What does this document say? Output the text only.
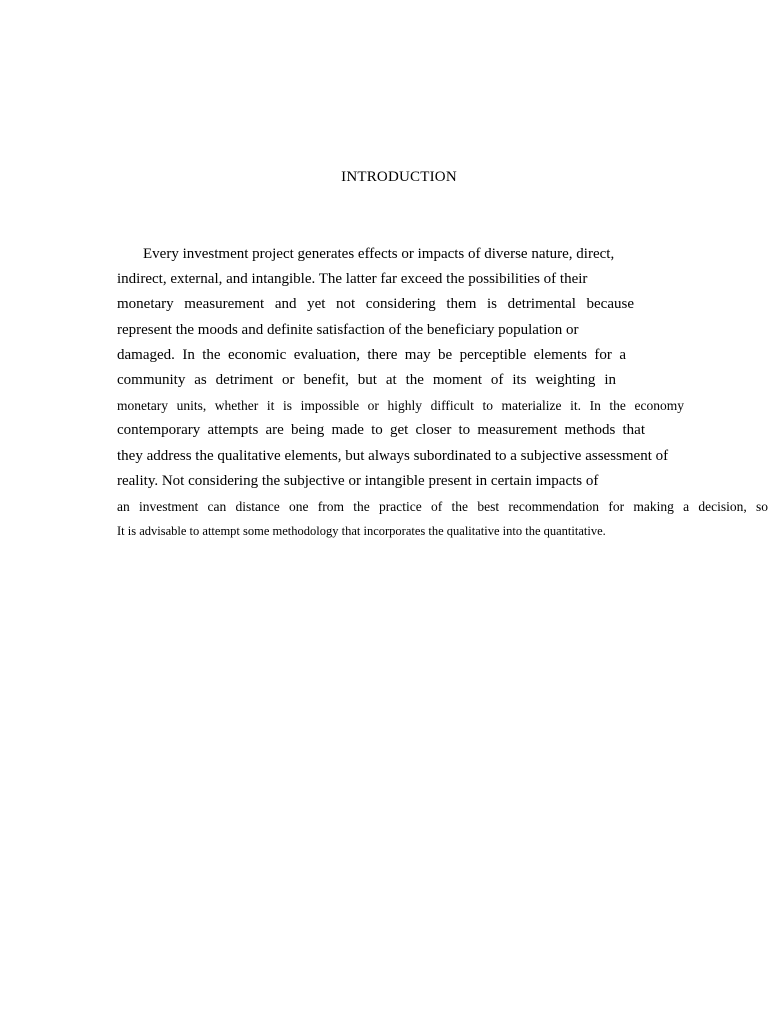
INTRODUCTION
Every investment project generates effects or impacts of diverse nature, direct,
indirect, external, and intangible. The latter far exceed the possibilities of their
monetary measurement and yet not considering them is detrimental because
represent the moods and definite satisfaction of the beneficiary population or
damaged. In the economic evaluation, there may be perceptible elements for a
community as detriment or benefit, but at the moment of its weighting in
monetary units, whether it is impossible or highly difficult to materialize it. In the economy
contemporary attempts are being made to get closer to measurement methods that
they address the qualitative elements, but always subordinated to a subjective assessment of
reality. Not considering the subjective or intangible present in certain impacts of
an investment can distance one from the practice of the best recommendation for making a decision, so
It is advisable to attempt some methodology that incorporates the qualitative into the quantitative.
